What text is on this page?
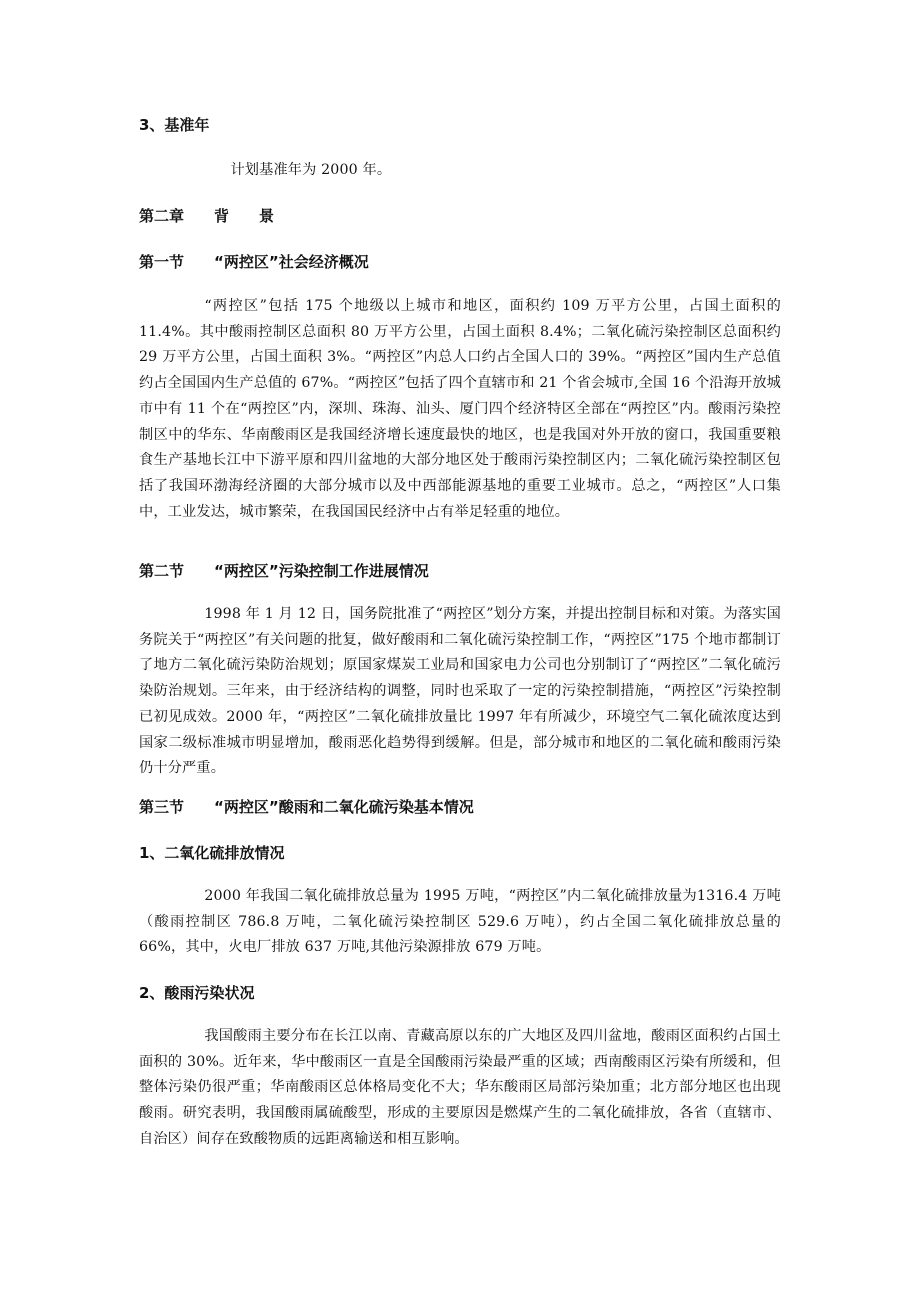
3、基准年

计划基准年为 2000 年。

第二章　　背　　景
第一节　　“两控区”社会经济概况

“两控区”包括 175 个地级以上城市和地区，面积约 109 万平方公里，占国土面积的 11.4%。其中酸雨控制区总面积 80 万平方公里，占国土面积 8.4%；二氧化硫污染控制区总面积约 29 万平方公里，占国土面积 3%。“两控区”内总人口约占全国人口的 39%。“两控区”国内生产总值约占全国国内生产总值的 67%。“两控区”包括了四个直辖市和 21 个省会城市,全国 16 个沿海开放城市中有 11 个在“两控区”内，深圳、珠海、汕头、厦门四个经济特区全部在“两控区”内。酸雨污染控制区中的华东、华南酸雨区是我国经济增长速度最快的地区，也是我国对外开放的窗口，我国重要粮食生产基地长江中下游平原和四川盆地的大部分地区处于酸雨污染控制区内；二氧化硫污染控制区包括了我国环渤海经济圈的大部分城市以及中西部能源基地的重要工业城市。总之，“两控区”人口集中，工业发达，城市繁荣，在我国国民经济中占有举足轻重的地位。

第二节　　“两控区”污染控制工作进展情况

1998 年 1 月 12 日，国务院批准了“两控区”划分方案，并提出控制目标和对策。为落实国务院关于“两控区”有关问题的批复，做好酸雨和二氧化硫污染控制工作，“两控区”175 个地市都制订了地方二氧化硫污染防治规划；原国家煤炭工业局和国家电力公司也分别制订了“两控区”二氧化硫污染防治规划。三年来，由于经济结构的调整，同时也采取了一定的污染控制措施，“两控区”污染控制已初见成效。2000 年，“两控区”二氧化硫排放量比 1997 年有所减少，环境空气二氧化硫浓度达到国家二级标准城市明显增加，酸雨恶化趋势得到缓解。但是，部分城市和地区的二氧化硫和酸雨污染仍十分严重。

第三节　　“两控区”酸雨和二氧化硫污染基本情况
1、二氧化硫排放情况

2000 年我国二氧化硫排放总量为 1995 万吨，“两控区”内二氧化硫排放量为1316.4 万吨（酸雨控制区 786.8 万吨，二氧化硫污染控制区 529.6 万吨），约占全国二氧化硫排放总量的 66%，其中，火电厂排放 637 万吨,其他污染源排放 679 万吨。

2、酸雨污染状况

我国酸雨主要分布在长江以南、青藏高原以东的广大地区及四川盆地，酸雨区面积约占国土面积的 30%。近年来，华中酸雨区一直是全国酸雨污染最严重的区域；西南酸雨区污染有所缓和，但整体污染仍很严重；华南酸雨区总体格局变化不大；华东酸雨区局部污染加重；北方部分地区也出现酸雨。研究表明，我国酸雨属硫酸型，形成的主要原因是燃煤产生的二氧化硫排放，各省（直辖市、自治区）间存在致酸物质的远距离输送和相互影响。
